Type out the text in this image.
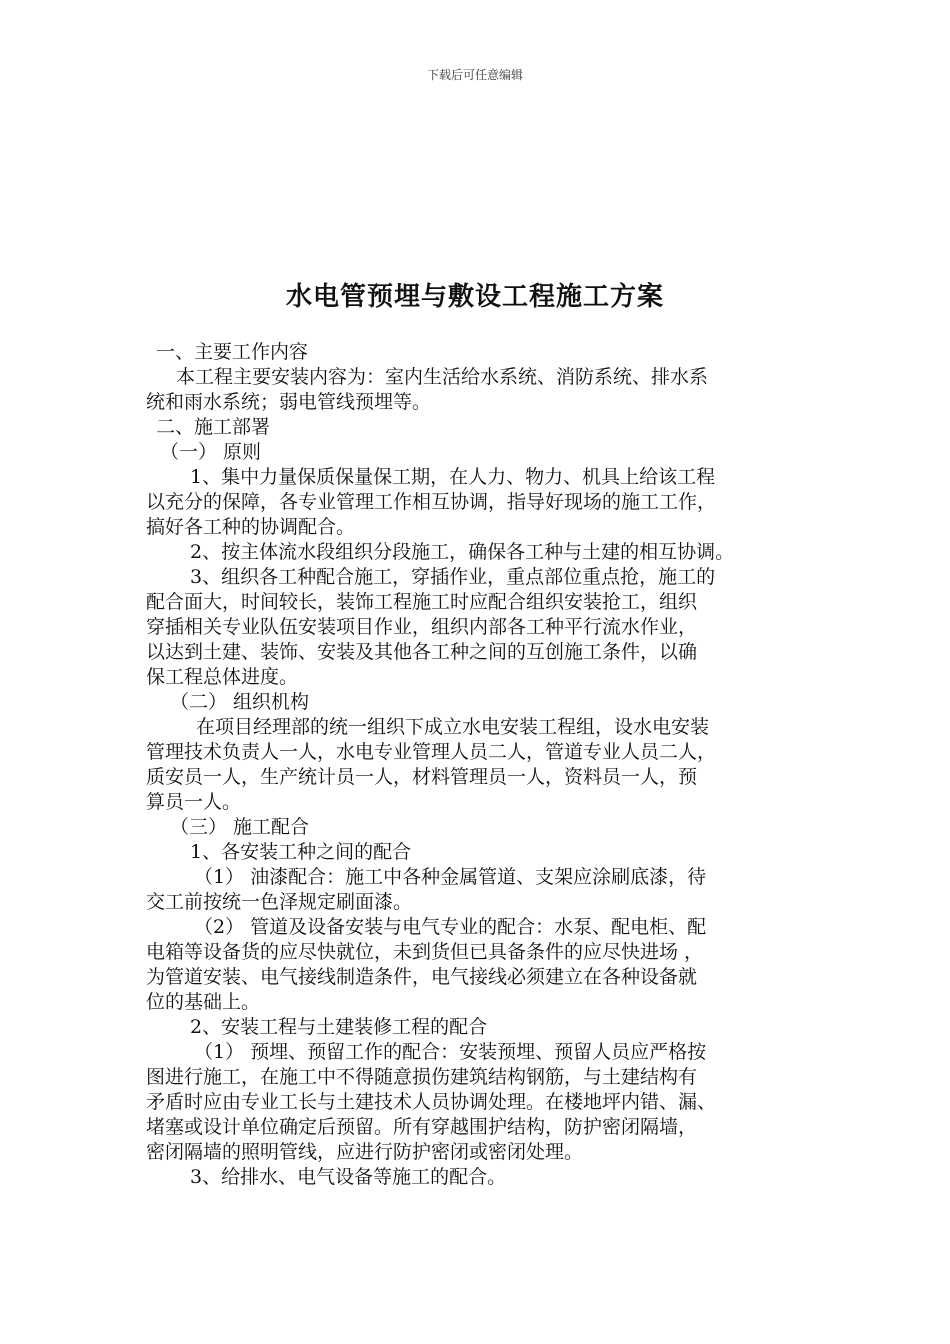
下载后可任意编辑
水电管预埋与敷设工程施工方案
一、主要工作内容
本工程主要安装内容为：室内生活给水系统、消防系统、排水系
统和雨水系统；弱电管线预埋等。
二、施工部署
（一） 原则
1、集中力量保质保量保工期，在人力、物力、机具上给该工程
以充分的保障，各专业管理工作相互协调，指导好现场的施工工作，
搞好各工种的协调配合。
2、按主体流水段组织分段施工，确保各工种与土建的相互协调。
3、组织各工种配合施工，穿插作业，重点部位重点抢，施工的
配合面大，时间较长，装饰工程施工时应配合组织安装抢工，组织
穿插相关专业队伍安装项目作业，组织内部各工种平行流水作业，
以达到土建、装饰、安装及其他各工种之间的互创施工条件，以确
保工程总体进度。
（二） 组织机构
在项目经理部的统一组织下成立水电安装工程组，设水电安装
管理技术负责人一人，水电专业管理人员二人，管道专业人员二人，
质安员一人，生产统计员一人，材料管理员一人，资料员一人，预
算员一人。
（三） 施工配合
1、各安装工种之间的配合
（1） 油漆配合：施工中各种金属管道、支架应涂刷底漆，待
交工前按统一色泽规定刷面漆。
（2） 管道及设备安装与电气专业的配合：水泵、配电柜、配
电箱等设备货的应尽快就位，未到货但已具备条件的应尽快进场 ，
为管道安装、电气接线制造条件，电气接线必须建立在各种设备就
位的基础上。
2、安装工程与土建装修工程的配合
（1） 预埋、预留工作的配合：安装预埋、预留人员应严格按
图进行施工，在施工中不得随意损伤建筑结构钢筋，与土建结构有
矛盾时应由专业工长与土建技术人员协调处理。在楼地坪内错、漏、
堵塞或设计单位确定后预留。所有穿越围护结构，防护密闭隔墙，
密闭隔墙的照明管线，应进行防护密闭或密闭处理。
3、给排水、电气设备等施工的配合。
